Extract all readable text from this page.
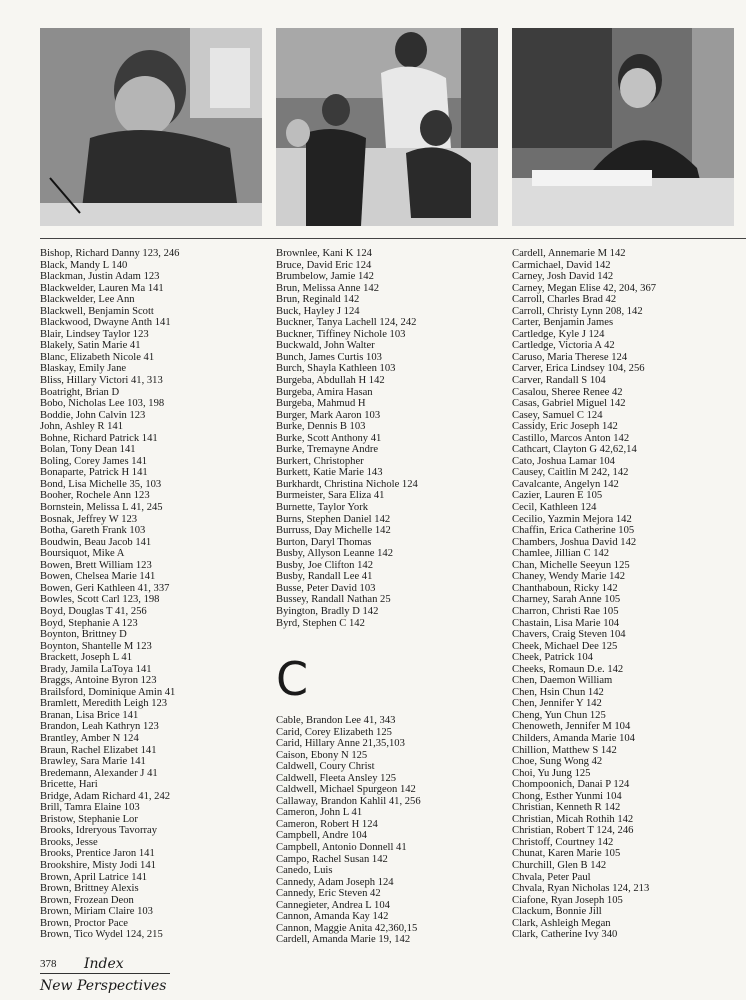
Bishop, Richard Danny 123, 246
Black, Mandy L 140
Blackman, Justin Adam 123
Blackwelder, Lauren Ma 141
Blackwelder, Lee Ann
Blackwell, Benjamin Scott
Blackwood, Dwayne Anth 141
Blair, Lindsey Taylor 123
Blakely, Satin Marie 41
Blanc, Elizabeth Nicole 41
Blaskay, Emily Jane
Bliss, Hillary Victori 41, 313
Boatright, Brian D
Bobo, Nicholas Lee 103, 198
Boddie, John Calvin 123
John, Ashley R 141
Bohne, Richard Patrick 141
Bolan, Tony Dean 141
Boling, Corey James 141
Bonaparte, Patrick H 141
Bond, Lisa Michelle 35, 103
Booher, Rochele Ann 123
Bornstein, Melissa L 41, 245
Bosnak, Jeffrey W 123
Botha, Gareth Frank 103
Boudwin, Beau Jacob 141
Boursiquot, Mike A
Bowen, Brett William 123
Bowen, Chelsea Marie 141
Bowen, Geri Kathleen 41, 337
Bowles, Scott Carl 123, 198
Boyd, Douglas T 41, 256
Boyd, Stephanie A 123
Boynton, Brittney D
Boynton, Shantelle M 123
Brackett, Joseph L 41
Brady, Jamila LaToya 141
Braggs, Antoine Byron 123
Brailsford, Dominique Amin 41
Bramlett, Meredith Leigh 123
Branan, Lisa Brice 141
Brandon, Leah Kathryn 123
Brantley, Amber N 124
Braun, Rachel Elizabet 141
Brawley, Sara Marie 141
Bredemann, Alexander J 41
Bricette, Hari
Bridge, Adam Richard 41, 242
Brill, Tamra Elaine 103
Bristow, Stephanie Lor
Brooks, Idreryous Tavorray
Brooks, Jesse
Brooks, Prentice Jaron 141
Brookshire, Misty Jodi 141
Brown, April Latrice 141
Brown, Brittney Alexis
Brown, Frozean Deon
Brown, Miriam Claire 103
Brown, Proctor Pace
Brown, Tico Wydel 124, 215
Brownlee, Kani K 124
Bruce, David Eric 124
Brumbelow, Jamie 142
Brun, Melissa Anne 142
Brun, Reginald 142
Buck, Hayley J 124
Buckner, Tanya Lachell 124, 242
Buckner, Tiffiney Nichole 103
Buckwald, John Walter
Bunch, James Curtis 103
Burch, Shayla Kathleen 103
Burgeba, Abdullah H 142
Burgeba, Amira Hasan
Burgeba, Mahmud H
Burger, Mark Aaron 103
Burke, Dennis B 103
Burke, Scott Anthony 41
Burke, Tremayne Andre
Burkert, Christopher
Burkett, Katie Marie 143
Burkhardt, Christina Nichole 124
Burmeister, Sara Eliza 41
Burnette, Taylor York
Burns, Stephen Daniel 142
Burruss, Day Michelle 142
Burton, Daryl Thomas
Busby, Allyson Leanne 142
Busby, Joe Clifton 142
Busby, Randall Lee 41
Busse, Peter David 103
Bussey, Randall Nathan 25
Byington, Bradly D 142
Byrd, Stephen C 142
C
Cable, Brandon Lee 41, 343
Carid, Corey Elizabeth 125
Carid, Hillary Anne 21,35,103
Caison, Ebony N 125
Caldwell, Coury Christ
Caldwell, Fleeta Ansley 125
Caldwell, Michael Spurgeon 142
Callaway, Brandon Kahlil 41, 256
Cameron, John L 41
Cameron, Robert H 124
Campbell, Andre 104
Campbell, Antonio Donnell 41
Campo, Rachel Susan 142
Canedo, Luis
Cannedy, Adam Joseph 124
Cannedy, Eric Steven 42
Cannegieter, Andrea L 104
Cannon, Amanda Kay 142
Cannon, Maggie Anita 42,360,15
Cardell, Amanda Marie 19, 142
Cardell, Annemarie M 142
Carmichael, David 142
Carney, Josh David 142
Carney, Megan Elise 42, 204, 367
Carroll, Charles Brad 42
Carroll, Christy Lynn 208, 142
Carter, Benjamin James
Cartledge, Kyle J 124
Cartledge, Victoria A 42
Caruso, Maria Therese 124
Carver, Erica Lindsey 104, 256
Carver, Randall S 104
Casalou, Sheree Renee 42
Casas, Gabriel Miguel 142
Casey, Samuel C 124
Cassidy, Eric Joseph 142
Castillo, Marcos Anton 142
Cathcart, Clayton G 42,62,14
Cato, Joshua Lamar 104
Causey, Caitlin M 242, 142
Cavalcante, Angelyn 142
Cazier, Lauren E 105
Cecil, Kathleen 124
Cecilio, Yazmin Mejora 142
Chaffin, Erica Catherine 105
Chambers, Joshua David 142
Chamlee, Jillian C 142
Chan, Michelle Seeyun 125
Chaney, Wendy Marie 142
Chanthaboun, Ricky 142
Charney, Sarah Anne 105
Charron, Christi Rae 105
Chastain, Lisa Marie 104
Chavers, Craig Steven 104
Cheek, Michael Dee 125
Cheek, Patrick 104
Cheeks, Romaun D.e. 142
Chen, Daemon William
Chen, Hsin Chun 142
Chen, Jennifer Y 142
Cheng, Yun Chun 125
Chenoweth, Jennifer M 104
Childers, Amanda Marie 104
Chillion, Matthew S 142
Choe, Sung Wong 42
Choi, Yu Jung 125
Chompoonich, Danai P 124
Chong, Esther Yunmi 104
Christian, Kenneth R 142
Christian, Micah Rothih 142
Christian, Robert T 124, 246
Christoff, Courtney 142
Chunat, Karen Marie 105
Churchill, Glen B 142
Chvala, Peter Paul
Chvala, Ryan Nicholas 124, 213
Ciafone, Ryan Joseph 105
Clackum, Bonnie Jill
Clark, Ashleigh Megan
Clark, Catherine Ivy 340
378 Index
New Perspectives
